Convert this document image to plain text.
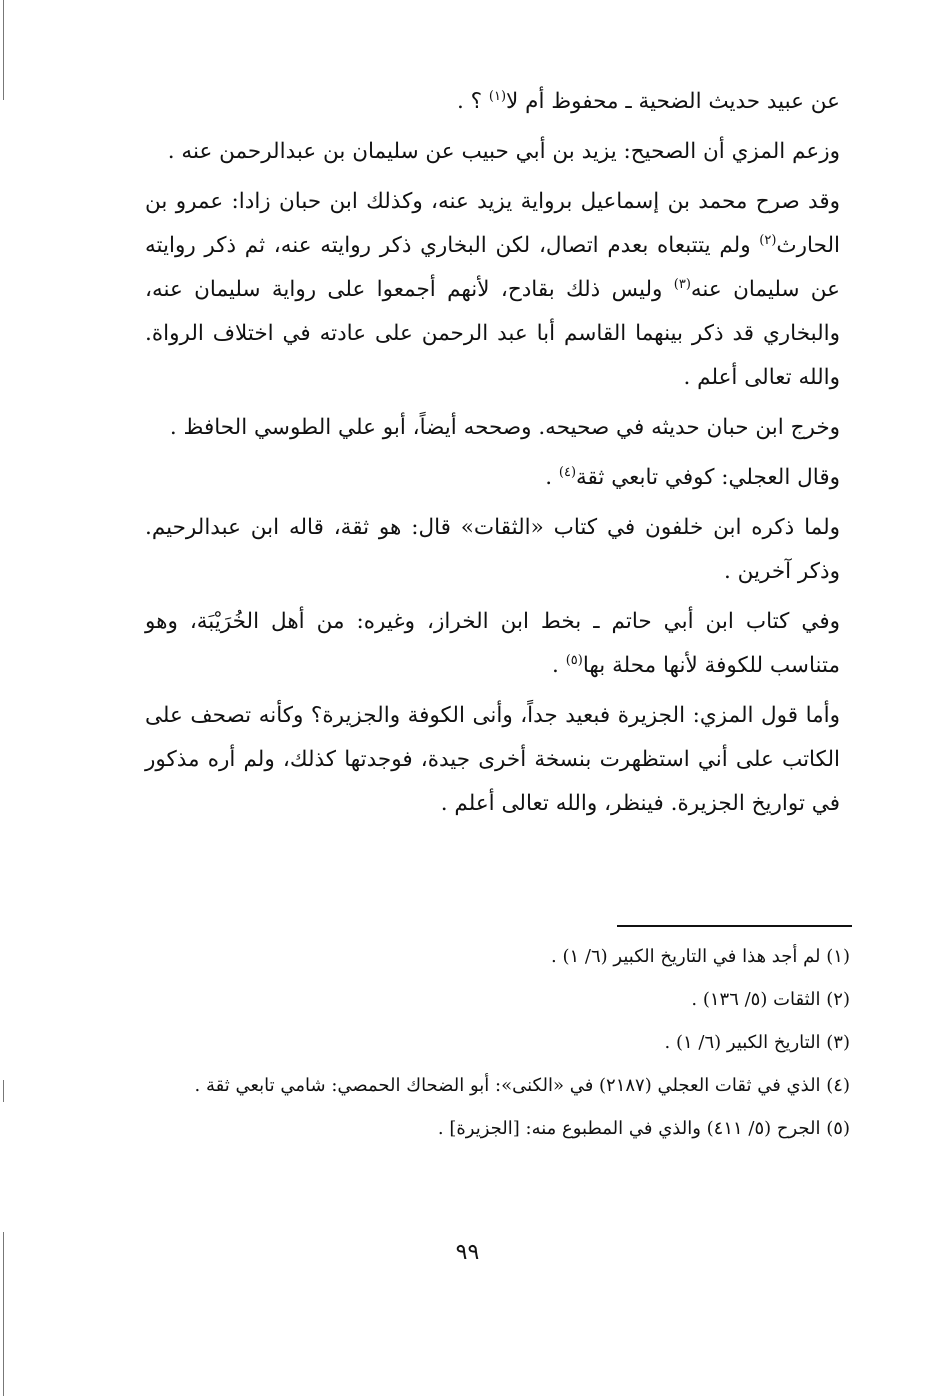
عن عبيد حديث الضحية ـ محفوظ أم لا$^{(١)}$ ؟ .

وزعم المزي أن الصحيح: يزيد بن أبي حبيب عن سليمان بن عبدالرحمن عنه .

وقد صرح محمد بن إسماعيل برواية يزيد عنه، وكذلك ابن حبان زادا: عمرو بن الحارث$^{(٢)}$ ولم يتتبعاه بعدم اتصال، لكن البخاري ذكر روايته عنه، ثم ذكر روايته عن سليمان عنه$^{(٣)}$ وليس ذلك بقادح، لأنهم أجمعوا على رواية سليمان عنه، والبخاري قد ذكر بينهما القاسم أبا عبد الرحمن على عادته في اختلاف الرواة. والله تعالى أعلم .

وخرج ابن حبان حديثه في صحيحه. وصححه أيضاً، أبو علي الطوسي الحافظ .

وقال العجلي: كوفي تابعي ثقة$^{(٤)}$ .

ولما ذكره ابن خلفون في كتاب «الثقات» قال: هو ثقة، قاله ابن عبدالرحيم. وذكر آخرين .

وفي كتاب ابن أبي حاتم ـ بخط ابن الخراز، وغيره: من أهل الخُرَيْبَة، وهو متناسب للكوفة لأنها محلة بها$^{(٥)}$ .

وأما قول المزي: الجزيرة فبعيد جداً، وأنى الكوفة والجزيرة؟ وكأنه تصحف على الكاتب على أني استظهرت بنسخة أخرى جيدة، فوجدتها كذلك، ولم أره مذكور في تواريخ الجزيرة. فينظر، والله تعالى أعلم .

(١) لم أجد هذا في التاريخ الكبير (٦/ ١) .

(٢) الثقات (٥/ ١٣٦) .

(٣) التاريخ الكبير (٦/ ١) .

(٤) الذي في ثقات العجلي (٢١٨٧) في «الكنى»: أبو الضحاك الحمصي: شامي تابعي ثقة .

(٥) الجرح (٥/ ٤١١) والذي في المطبوع منه: [الجزيرة] .

٩٩
